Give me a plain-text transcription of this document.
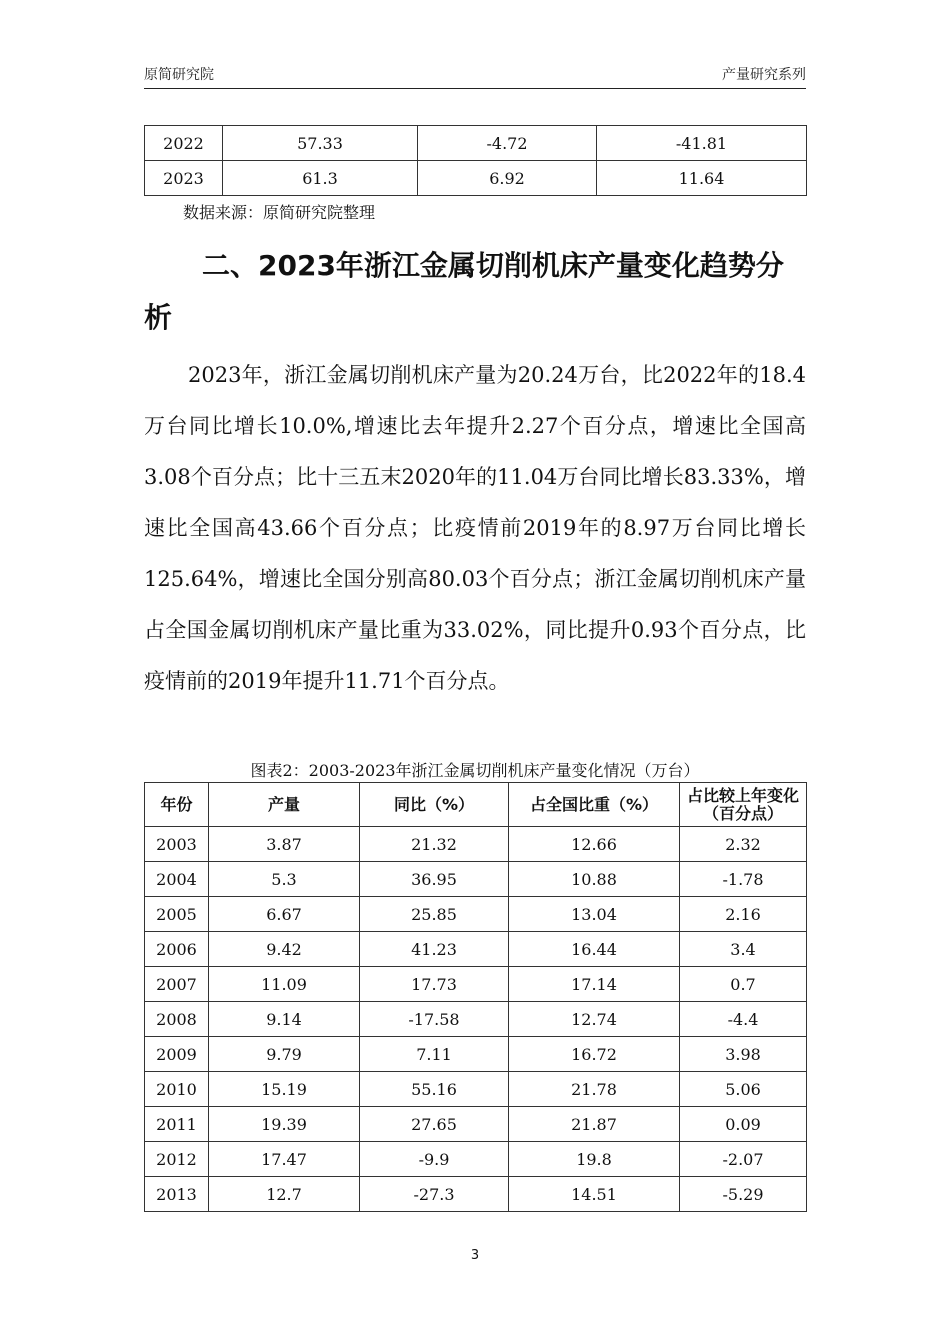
原简研究院	产量研究系列
2022	57.33	-4.72	-41.81
2023	61.3	6.92	11.64
数据来源：原简研究院整理
二、2023年浙江金属切削机床产量变化趋势分析
2023年，浙江金属切削机床产量为20.24万台，比2022年的18.4万台同比增长10.0%,增速比去年提升2.27个百分点，增速比全国高3.08个百分点；比十三五末2020年的11.04万台同比增长83.33%，增速比全国高43.66个百分点；比疫情前2019年的8.97万台同比增长125.64%，增速比全国分别高80.03个百分点；浙江金属切削机床产量占全国金属切削机床产量比重为33.02%，同比提升0.93个百分点，比疫情前的2019年提升11.71个百分点。
图表2：2003-2023年浙江金属切削机床产量变化情况（万台）
年份	产量	同比（%）	占全国比重（%）	占比较上年变化
（百分点）
2003	3.87	21.32	12.66	2.32
2004	5.3	36.95	10.88	-1.78
2005	6.67	25.85	13.04	2.16
2006	9.42	41.23	16.44	3.4
2007	11.09	17.73	17.14	0.7
2008	9.14	-17.58	12.74	-4.4
2009	9.79	7.11	16.72	3.98
2010	15.19	55.16	21.78	5.06
2011	19.39	27.65	21.87	0.09
2012	17.47	-9.9	19.8	-2.07
2013	12.7	-27.3	14.51	-5.29
3
